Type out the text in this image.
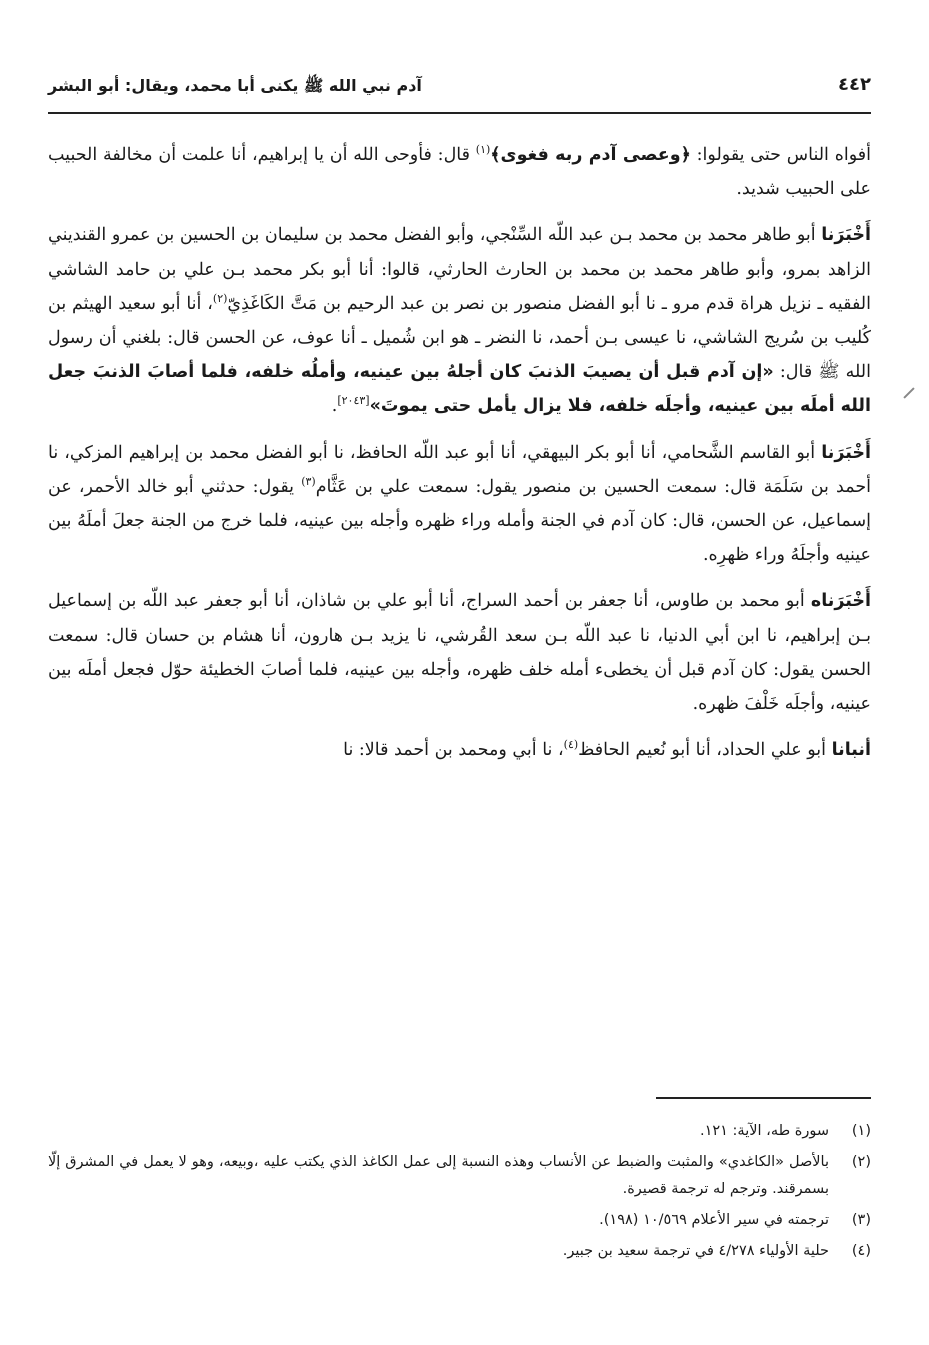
٤٤٢
آدم نبي الله ﷺ يكنى أبا محمد، ويقال: أبو البشر

أفواه الناس حتى يقولوا: ﴿وعصى آدم ربه فغوى﴾$^{(١)}$ قال: فأوحى الله أن يا إبراهيم، أنا علمت أن مخالفة الحبيب على الحبيب شديد.

أَخْبَرَنا أبو طاهر محمد بن محمد بـن عبد اللّه السِّنْجي، وأبو الفضل محمد بن سليمان بن الحسين بن عمرو القنديني الزاهد بمرو، وأبو طاهر محمد بن محمد بن الحارث الحارثي، قالوا: أنا أبو بكر محمد بـن علي بن حامد الشاشي الفقيه ـ نزيل هراة قدم مرو ـ نا أبو الفضل منصور بن نصر بن عبد الرحيم بن مَتَّ الكَاغَذِيّ$^{(٢)}$، أنا أبو سعيد الهيثم بن كُليب بن سُريج الشاشي، نا عيسى بـن أحمد، نا النضر ـ هو ابن شُميل ـ أنا عوف، عن الحسن قال: بلغني أن رسول الله ﷺ قال: «إن آدم قبل أن يصيبَ الذنبَ كان أجلهُ بين عينيه، وأملُه خلفه، فلما أصابَ الذنبَ جعل الله أملَه بين عينيه، وأجلَه خلفه، فلا يزال يأمل حتى يموتَ»[٢٠٤٣].

أَخْبَرَنا أبو القاسم الشَّحامي، أنا أبو بكر البيهقي، أنا أبو عبد اللّه الحافظ، نا أبو الفضل محمد بن إبراهيم المزكي، نا أحمد بن سَلَمَة قال: سمعت الحسين بن منصور يقول: سمعت علي بن عَثَّام$^{(٣)}$ يقول: حدثني أبو خالد الأحمر، عن إسماعيل، عن الحسن، قال: كان آدم في الجنة وأمله وراء ظهره وأجله بين عينيه، فلما خرج من الجنة جعلَ أملَهُ بين عينيه وأجلَهُ وراء ظهرِه.

أَخْبَرَناه أبو محمد بن طاوس، أنا جعفر بن أحمد السراج، أنا أبو علي بن شاذان، أنا أبو جعفر عبد اللّه بن إسماعيل بـن إبراهيم، نا ابن أبي الدنيا، نا عبد اللّه بـن سعد القُرشي، نا يزيد بـن هارون، أنا هشام بن حسان قال: سمعت الحسن يقول: كان آدم قبل أن يخطىء أمله خلف ظهره، وأجله بين عينيه، فلما أصابَ الخطيئة حوّل فجعل أملَه بين عينيه، وأجلَه خَلْفَ ظهره.

أنبانا أبو علي الحداد، أنا أبو نُعيم الحافظ$^{(٤)}$، نا أبي ومحمد بن أحمد قالا: نا

(١)
سورة طه، الآية: ١٢١.
(٢)
بالأصل «الكاغدي» والمثبت والضبط عن الأنساب وهذه النسبة إلى عمل الكاغذ الذي يكتب عليه ،وبيعه، وهو لا يعمل في المشرق إلّا بسمرقند. وترجم له ترجمة قصيرة.
(٣)
ترجمته في سير الأعلام ١٠/٥٦٩ (١٩٨).
(٤)
حلية الأولياء ٤/٢٧٨ في ترجمة سعيد بن جبير.
